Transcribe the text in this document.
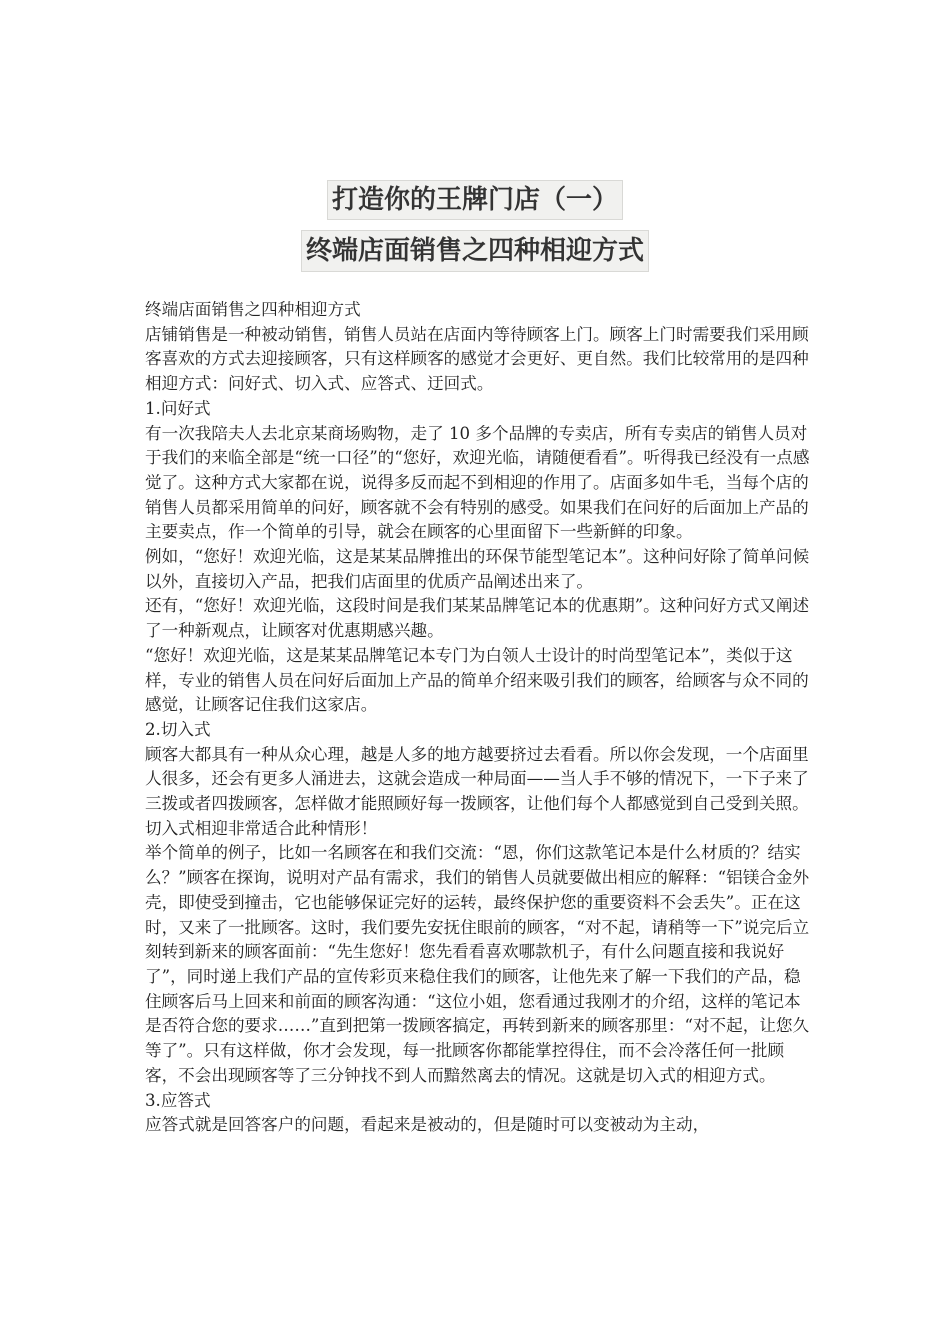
打造你的王牌门店（一）
终端店面销售之四种相迎方式

终端店面销售之四种相迎方式

店铺销售是一种被动销售，销售人员站在店面内等待顾客上门。顾客上门时需要我们采用顾客喜欢的方式去迎接顾客，只有这样顾客的感觉才会更好、更自然。我们比较常用的是四种相迎方式：问好式、切入式、应答式、迂回式。

1.问好式

有一次我陪夫人去北京某商场购物，走了 10 多个品牌的专卖店，所有专卖店的销售人员对于我们的来临全部是“统一口径”的“您好，欢迎光临，请随便看看”。听得我已经没有一点感觉了。这种方式大家都在说，说得多反而起不到相迎的作用了。店面多如牛毛，当每个店的销售人员都采用简单的问好，顾客就不会有特别的感受。如果我们在问好的后面加上产品的主要卖点，作一个简单的引导，就会在顾客的心里面留下一些新鲜的印象。

例如，“您好！欢迎光临，这是某某品牌推出的环保节能型笔记本”。这种问好除了简单问候以外，直接切入产品，把我们店面里的优质产品阐述出来了。

还有，“您好！欢迎光临，这段时间是我们某某品牌笔记本的优惠期”。这种问好方式又阐述了一种新观点，让顾客对优惠期感兴趣。

“您好！欢迎光临，这是某某品牌笔记本专门为白领人士设计的时尚型笔记本”，类似于这样，专业的销售人员在问好后面加上产品的简单介绍来吸引我们的顾客，给顾客与众不同的感觉，让顾客记住我们这家店。

2.切入式

顾客大都具有一种从众心理，越是人多的地方越要挤过去看看。所以你会发现，一个店面里人很多，还会有更多人涌进去，这就会造成一种局面——当人手不够的情况下，一下子来了三拨或者四拨顾客，怎样做才能照顾好每一拨顾客，让他们每个人都感觉到自己受到关照。切入式相迎非常适合此种情形！

举个简单的例子，比如一名顾客在和我们交流：“恩，你们这款笔记本是什么材质的？结实么？”顾客在探询，说明对产品有需求，我们的销售人员就要做出相应的解释：“铝镁合金外壳，即使受到撞击，它也能够保证完好的运转，最终保护您的重要资料不会丢失”。正在这时，又来了一批顾客。这时，我们要先安抚住眼前的顾客，“对不起，请稍等一下”说完后立刻转到新来的顾客面前：“先生您好！您先看看喜欢哪款机子，有什么问题直接和我说好了”，同时递上我们产品的宣传彩页来稳住我们的顾客，让他先来了解一下我们的产品，稳住顾客后马上回来和前面的顾客沟通：“这位小姐，您看通过我刚才的介绍，这样的笔记本是否符合您的要求……”直到把第一拨顾客搞定，再转到新来的顾客那里：“对不起，让您久等了”。只有这样做，你才会发现，每一批顾客你都能掌控得住，而不会冷落任何一批顾客，不会出现顾客等了三分钟找不到人而黯然离去的情况。这就是切入式的相迎方式。

3.应答式

应答式就是回答客户的问题，看起来是被动的，但是随时可以变被动为主动，
